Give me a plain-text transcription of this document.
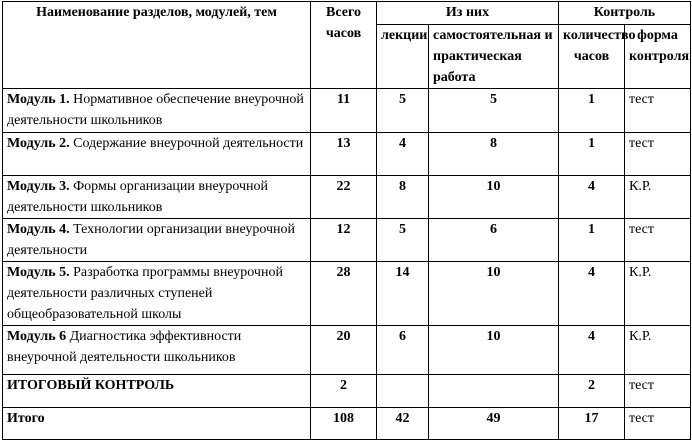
Наименование разделов, модулей, тем	Всего часов	Из них		Контроль	
		лекции	самостоятельная и практическая работа	количество часов	форма контроля
Модуль 1. Нормативное обеспечение внеурочной деятельности школьников	11	5	5	1	тест
Модуль 2. Содержание внеурочной деятельности	13	4	8	1	тест
Модуль 3. Формы организации внеурочной деятельности школьников	22	8	10	4	К.Р.
Модуль 4. Технологии организации внеурочной деятельности	12	5	6	1	тест
Модуль 5. Разработка программы внеурочной деятельности различных ступеней общеобразовательной школы	28	14	10	4	К.Р.
Модуль 6 Диагностика эффективности внеурочной деятельности школьников	20	6	10	4	К.Р.
ИТОГОВЫЙ КОНТРОЛЬ	2			2	тест
Итого	108	42	49	17	тест
